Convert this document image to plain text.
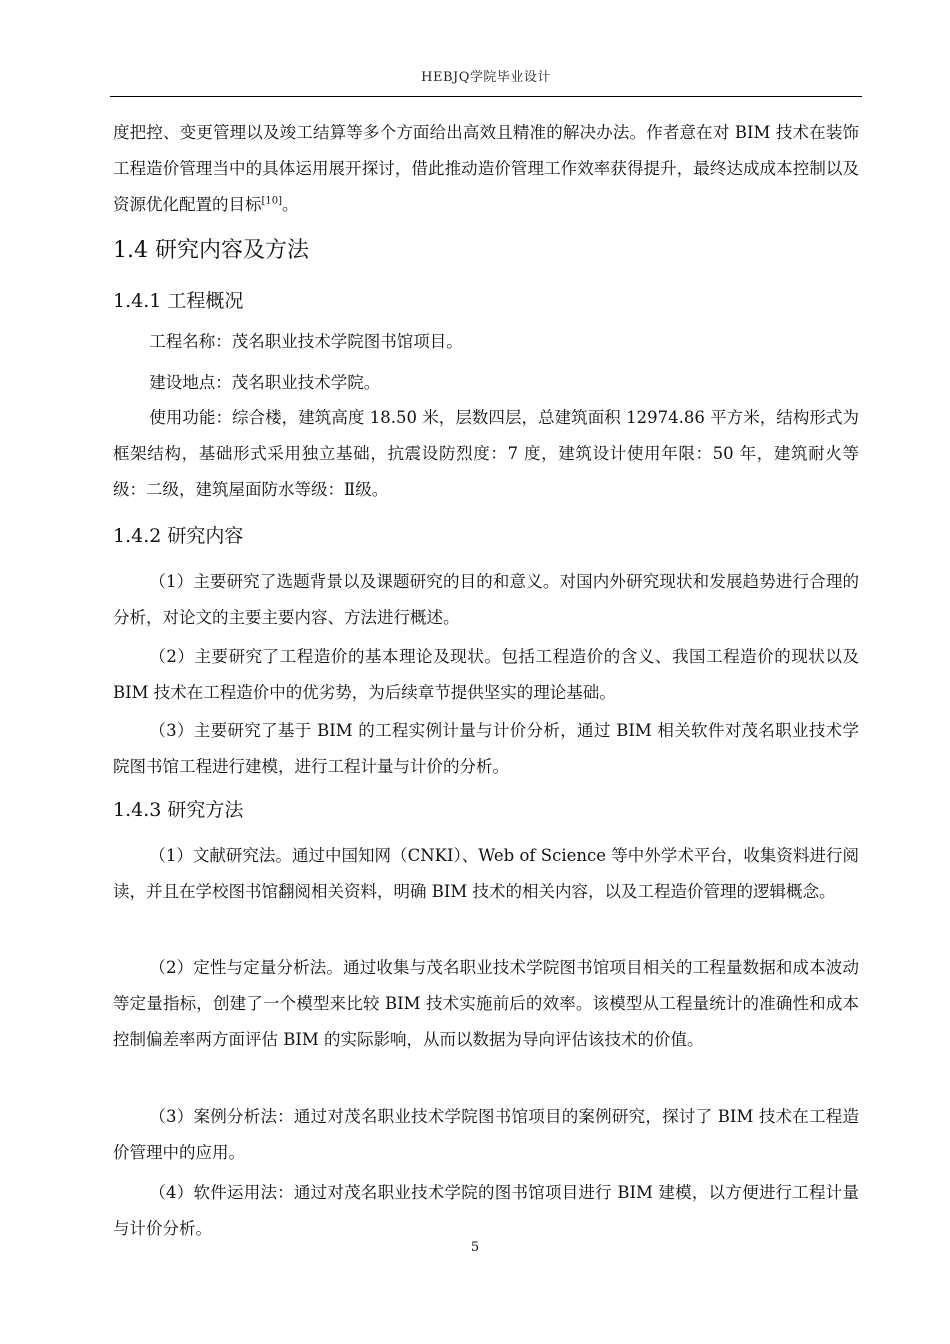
HEBJQ学院毕业设计

度把控、变更管理以及竣工结算等多个方面给出高效且精准的解决办法。作者意在对 BIM 技术在装饰工程造价管理当中的具体运用展开探讨，借此推动造价管理工作效率获得提升，最终达成成本控制以及资源优化配置的目标[10]。

1.4 研究内容及方法
1.4.1 工程概况

工程名称：茂名职业技术学院图书馆项目。

建设地点：茂名职业技术学院。

使用功能：综合楼，建筑高度 18.50 米，层数四层，总建筑面积 12974.86 平方米，结构形式为框架结构，基础形式采用独立基础，抗震设防烈度：7 度，建筑设计使用年限：50 年，建筑耐火等级：二级，建筑屋面防水等级：Ⅱ级。

1.4.2 研究内容

（1）主要研究了选题背景以及课题研究的目的和意义。对国内外研究现状和发展趋势进行合理的分析，对论文的主要主要内容、方法进行概述。

（2）主要研究了工程造价的基本理论及现状。包括工程造价的含义、我国工程造价的现状以及 BIM 技术在工程造价中的优劣势，为后续章节提供坚实的理论基础。

（3）主要研究了基于 BIM 的工程实例计量与计价分析，通过 BIM 相关软件对茂名职业技术学院图书馆工程进行建模，进行工程计量与计价的分析。

1.4.3 研究方法

（1）文献研究法。通过中国知网（CNKI）、Web of Science 等中外学术平台，收集资料进行阅读，并且在学校图书馆翻阅相关资料，明确 BIM 技术的相关内容，以及工程造价管理的逻辑概念。

（2）定性与定量分析法。通过收集与茂名职业技术学院图书馆项目相关的工程量数据和成本波动等定量指标，创建了一个模型来比较 BIM 技术实施前后的效率。该模型从工程量统计的准确性和成本控制偏差率两方面评估 BIM 的实际影响，从而以数据为导向评估该技术的价值。

（3）案例分析法：通过对茂名职业技术学院图书馆项目的案例研究，探讨了 BIM 技术在工程造价管理中的应用。

（4）软件运用法：通过对茂名职业技术学院的图书馆项目进行 BIM 建模，以方便进行工程计量与计价分析。

5
